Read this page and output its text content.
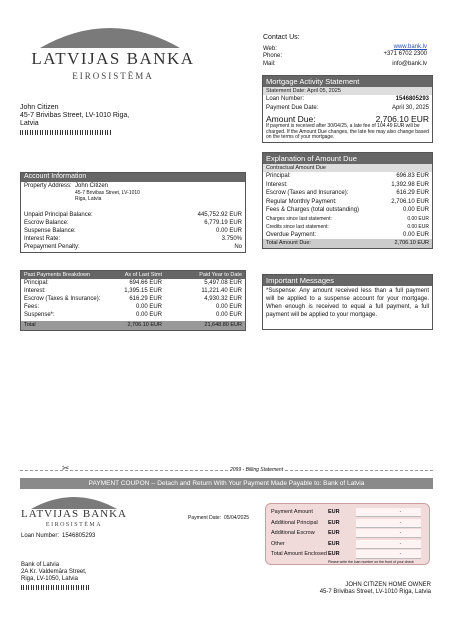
LATVIJAS BANKA
EIROSISTĒMA
Contact Us:
Web:	www.bank.lv
Phone:	+371 6702 2300
Mail:	info@bank.lv
John Citizen
45-7 Brivibas Street, LV-1010 Riga,
Latvia
Mortgage Activity Statement
Statement Date: April 05, 2025
Loan Number:	1546805293
Payment Due Date:	April 30, 2025
Amount Due:	2,706.10 EUR
If payment is received after 30/04/25, a late fee of 104.49 EUR will be charged. If the Amount Due changes, the late fee may also change based on the terms of your mortgage.
Explanation of Amount Due
Contractual Amount Due
Principal:	696.83 EUR
Interest:	1,392.98 EUR
Escrow (Taxes and Insurance):	616.29 EUR
Regular Monthly Payment:	2,706.10 EUR
Fees & Charges (total outstanding)	0.00 EUR
Charges since last statement:	0.00 EUR
Credits since last statement:	0.00 EUR
Overdue Payment:	0.00 EUR
Total Amount Due:	2,706.10 EUR
Account Information
Property Address: John Citizen
45-7 Brivibas Street, LV-1010
Riga, Latvia
Unpaid Principal Balance:	445,752.92 EUR
Escrow Balance:	6,779.19 EUR
Suspense Balance:	0.00 EUR
Interest Rate:	3.750%
Prepayment Penalty:	No
Past Payments Breakdown	As of Last Stmt	Paid Year to Date
Principal:	694.66 EUR	5,497.08 EUR
Interest:	1,395.15 EUR	11,221.40 EUR
Escrow (Taxes & Insurance):	616.29 EUR	4,930.32 EUR
Fees:	0.00 EUR	0.00 EUR
Suspense*:	0.00 EUR	0.00 EUR
Total	2,706.10 EUR	21,648.80 EUR
Important Messages
*Suspense: Any amount received less than a full payment will be applied to a suspense account for your mortgage. When enough is received to equal a full payment, a full payment will be applied to your mortgage.
✂	2099 - Billing Statement
PAYMENT COUPON -- Detach and Return With Your Payment Made Payable to: Bank of Latvia
LATVIJAS BANKA
EIROSISTĒMA
Loan Number: 1546805293
Payment Date: 05/04/2025
Bank of Latvia
2A Kr. Valdemāra Street,
Riga, LV-1050, Latvia
Payment Amount	EUR
.
Additional Principal EUR
.
Additional Escrow EUR
.
Other	EUR
.
Total Amount Enclosed EUR
.
Please write the loan number on the front of your check
JOHN CITIZEN HOME OWNER
45-7 Brivibas Street, LV-1010 Riga, Latvia
